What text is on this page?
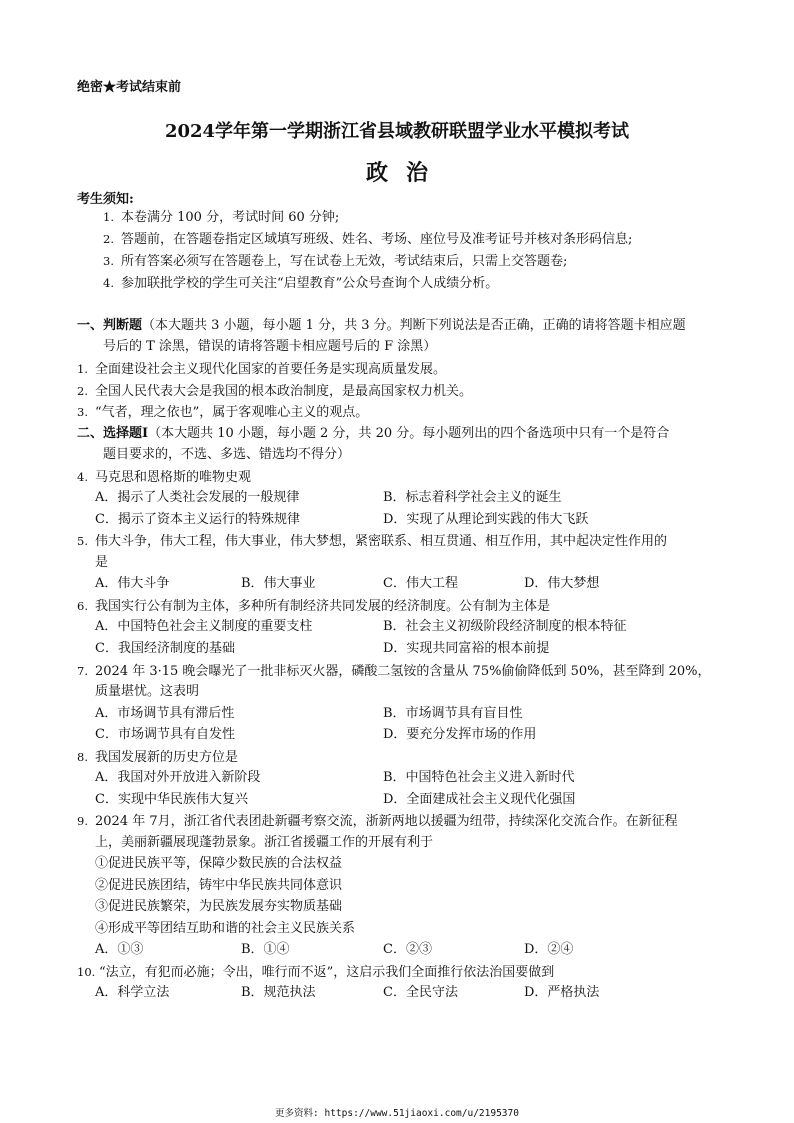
绝密★考试结束前
2024学年第一学期浙江省县域教研联盟学业水平模拟考试
政治
考生须知:
1. 本卷满分 100 分，考试时间 60 分钟;
2. 答题前，在答题卷指定区域填写班级、姓名、考场、座位号及准考证号并核对条形码信息;
3. 所有答案必须写在答题卷上，写在试卷上无效，考试结束后，只需上交答题卷;
4. 参加联批学校的学生可关注“启望教育”公众号查询个人成绩分析。
一、判断题（本大题共 3 小题，每小题 1 分，共 3 分。判断下列说法是否正确，正确的请将答题卡相应题
号后的 T 涂黑，错误的请将答题卡相应题号后的 F 涂黑）
1. 全面建设社会主义现代化国家的首要任务是实现高质量发展。
2. 全国人民代表大会是我国的根本政治制度，是最高国家权力机关。
3. “气者，理之依也”，属于客观唯心主义的观点。
二、选择题Ⅰ（本大题共 10 小题，每小题 2 分，共 20 分。每小题列出的四个备选项中只有一个是符合
题目要求的，不选、多选、错选均不得分）
4. 马克思和恩格斯的唯物史观
A．揭示了人类社会发展的一般规律	B．标志着科学社会主义的诞生
C．揭示了资本主义运行的特殊规律	D．实现了从理论到实践的伟大飞跃
5. 伟大斗争，伟大工程，伟大事业，伟大梦想，紧密联系、相互贯通、相互作用，其中起决定性作用的
是
A．伟大斗争	B．伟大事业	C．伟大工程	D．伟大梦想
6. 我国实行公有制为主体，多种所有制经济共同发展的经济制度。公有制为主体是
A．中国特色社会主义制度的重要支柱	B．社会主义初级阶段经济制度的根本特征
C．我国经济制度的基础	D．实现共同富裕的根本前提
7. 2024 年 3·15 晚会曝光了一批非标灭火器，磷酸二氢铵的含量从 75%偷偷降低到 50%，甚至降到 20%，
质量堪忧。这表明
A．市场调节具有滞后性	B．市场调节具有盲目性
C．市场调节具有自发性	D．要充分发挥市场的作用
8. 我国发展新的历史方位是
A．我国对外开放进入新阶段	B．中国特色社会主义进入新时代
C．实现中华民族伟大复兴	D．全面建成社会主义现代化强国
9. 2024 年 7月，浙江省代表团赴新疆考察交流，浙新两地以援疆为纽带，持续深化交流合作。在新征程
上，美丽新疆展现蓬勃景象。浙江省援疆工作的开展有利于
①促进民族平等，保障少数民族的合法权益
②促进民族团结，铸牢中华民族共同体意识
③促进民族繁荣，为民族发展夯实物质基础
④形成平等团结互助和谐的社会主义民族关系
A．①③	B．①④	C．②③	D．②④
10. “法立，有犯而必施；令出，唯行而不返”，这启示我们全面推行依法治国要做到
A．科学立法	B．规范执法	C．全民守法	D．严格执法
更多资料: https://www.51jiaoxi.com/u/2195370
